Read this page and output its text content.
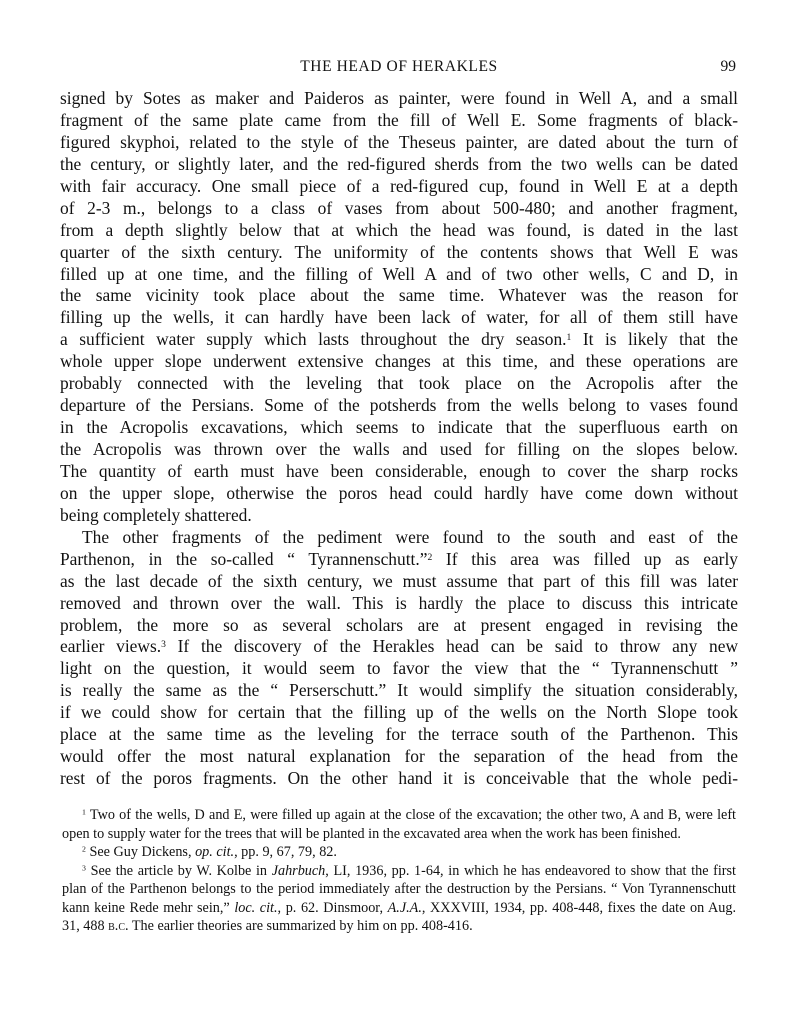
THE HEAD OF HERAKLES	99
signed by Sotes as maker and Paideros as painter, were found in Well A, and a small
fragment of the same plate came from the fill of Well E. Some fragments of black-
figured skyphoi, related to the style of the Theseus painter, are dated about the turn of
the century, or slightly later, and the red-figured sherds from the two wells can be dated
with fair accuracy. One small piece of a red-figured cup, found in Well E at a depth
of 2-3 m., belongs to a class of vases from about 500-480; and another fragment,
from a depth slightly below that at which the head was found, is dated in the last
quarter of the sixth century. The uniformity of the contents shows that Well E was
filled up at one time, and the filling of Well A and of two other wells, C and D, in
the same vicinity took place about the same time. Whatever was the reason for
filling up the wells, it can hardly have been lack of water, for all of them still have
a sufficient water supply which lasts throughout the dry season.$^1$ It is likely that the
whole upper slope underwent extensive changes at this time, and these operations are
probably connected with the leveling that took place on the Acropolis after the
departure of the Persians. Some of the potsherds from the wells belong to vases found
in the Acropolis excavations, which seems to indicate that the superfluous earth on
the Acropolis was thrown over the walls and used for filling on the slopes below.
The quantity of earth must have been considerable, enough to cover the sharp rocks
on the upper slope, otherwise the poros head could hardly have come down without
being completely shattered.
The other fragments of the pediment were found to the south and east of the
Parthenon, in the so-called “ Tyrannenschutt.”$^2$ If this area was filled up as early
as the last decade of the sixth century, we must assume that part of this fill was later
removed and thrown over the wall. This is hardly the place to discuss this intricate
problem, the more so as several scholars are at present engaged in revising the
earlier views.$^3$ If the discovery of the Herakles head can be said to throw any new
light on the question, it would seem to favor the view that the “ Tyrannenschutt ”
is really the same as the “ Perserschutt.” It would simplify the situation considerably,
if we could show for certain that the filling up of the wells on the North Slope took
place at the same time as the leveling for the terrace south of the Parthenon. This
would offer the most natural explanation for the separation of the head from the
rest of the poros fragments. On the other hand it is conceivable that the whole pedi-

$^1$ Two of the wells, D and E, were filled up again at the close of the excavation; the other two, A and B, were left open to supply water for the trees that will be planted in the excavated area when the work has been finished.

$^2$ See Guy Dickens, op. cit., pp. 9, 67, 79, 82.

$^3$ See the article by W. Kolbe in Jahrbuch, LI, 1936, pp. 1-64, in which he has endeavored to show that the first plan of the Parthenon belongs to the period immediately after the destruction by the Persians. “ Von Tyrannenschutt kann keine Rede mehr sein,” loc. cit., p. 62. Dinsmoor, A.J.A., XXXVIII, 1934, pp. 408-448, fixes the date on Aug. 31, 488 b.c. The earlier theories are summarized by him on pp. 408-416.
